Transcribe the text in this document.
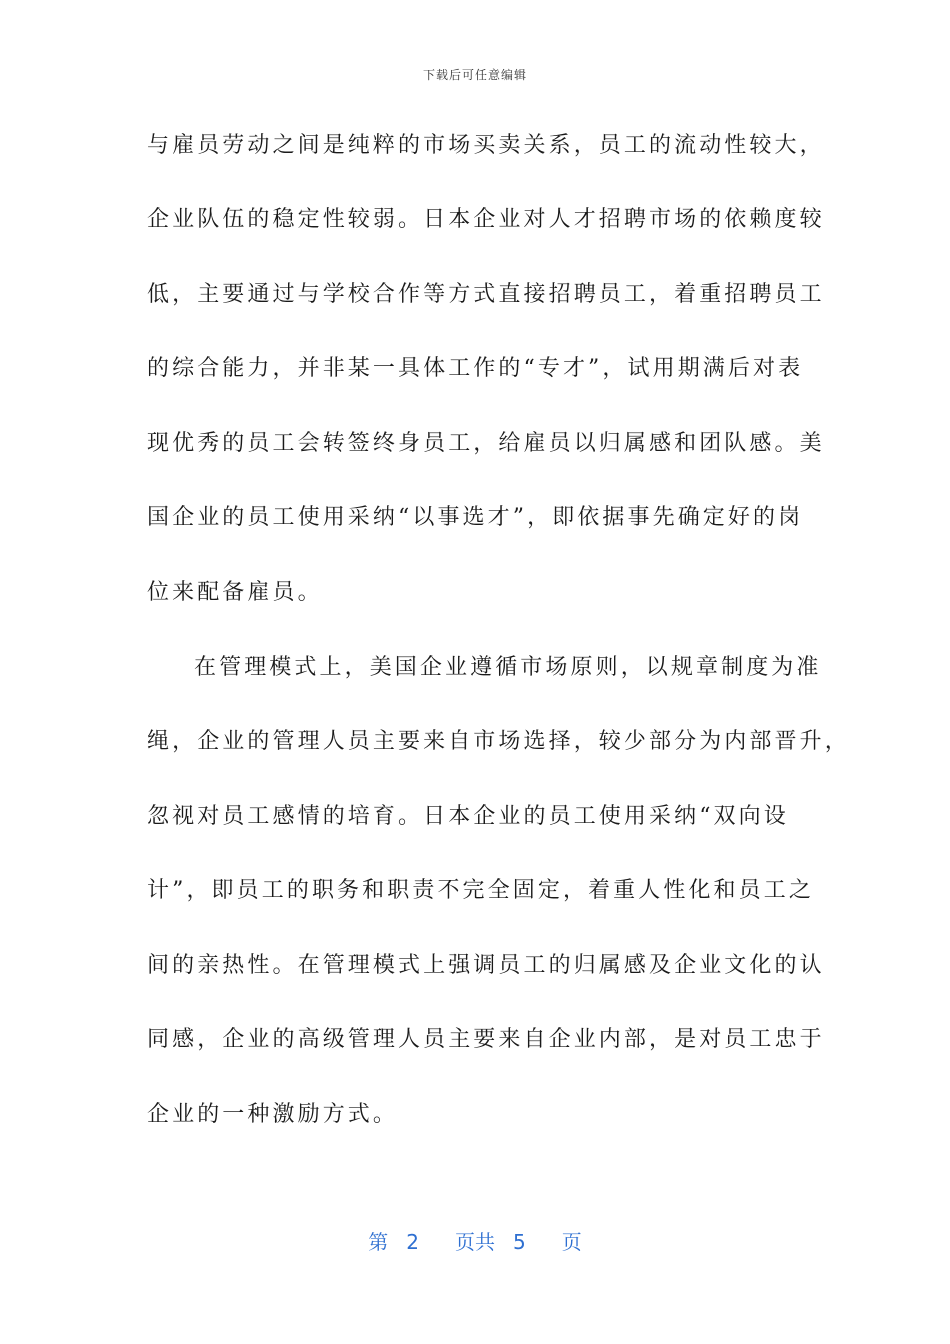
下载后可任意编辑
与雇员劳动之间是纯粹的市场买卖关系，员工的流动性较大，
企业队伍的稳定性较弱。日本企业对人才招聘市场的依赖度较
低，主要通过与学校合作等方式直接招聘员工，着重招聘员工
的综合能力，并非某一具体工作的“专才”，试用期满后对表
现优秀的员工会转签终身员工，给雇员以归属感和团队感。美
国企业的员工使用采纳“以事选才”，即依据事先确定好的岗
位来配备雇员。
在管理模式上，美国企业遵循市场原则，以规章制度为准
绳，企业的管理人员主要来自市场选择，较少部分为内部晋升，
忽视对员工感情的培育。日本企业的员工使用采纳“双向设
计”，即员工的职务和职责不完全固定，着重人性化和员工之
间的亲热性。在管理模式上强调员工的归属感及企业文化的认
同感，企业的高级管理人员主要来自企业内部，是对员工忠于
企业的一种激励方式。
第 2 页共 5 页
